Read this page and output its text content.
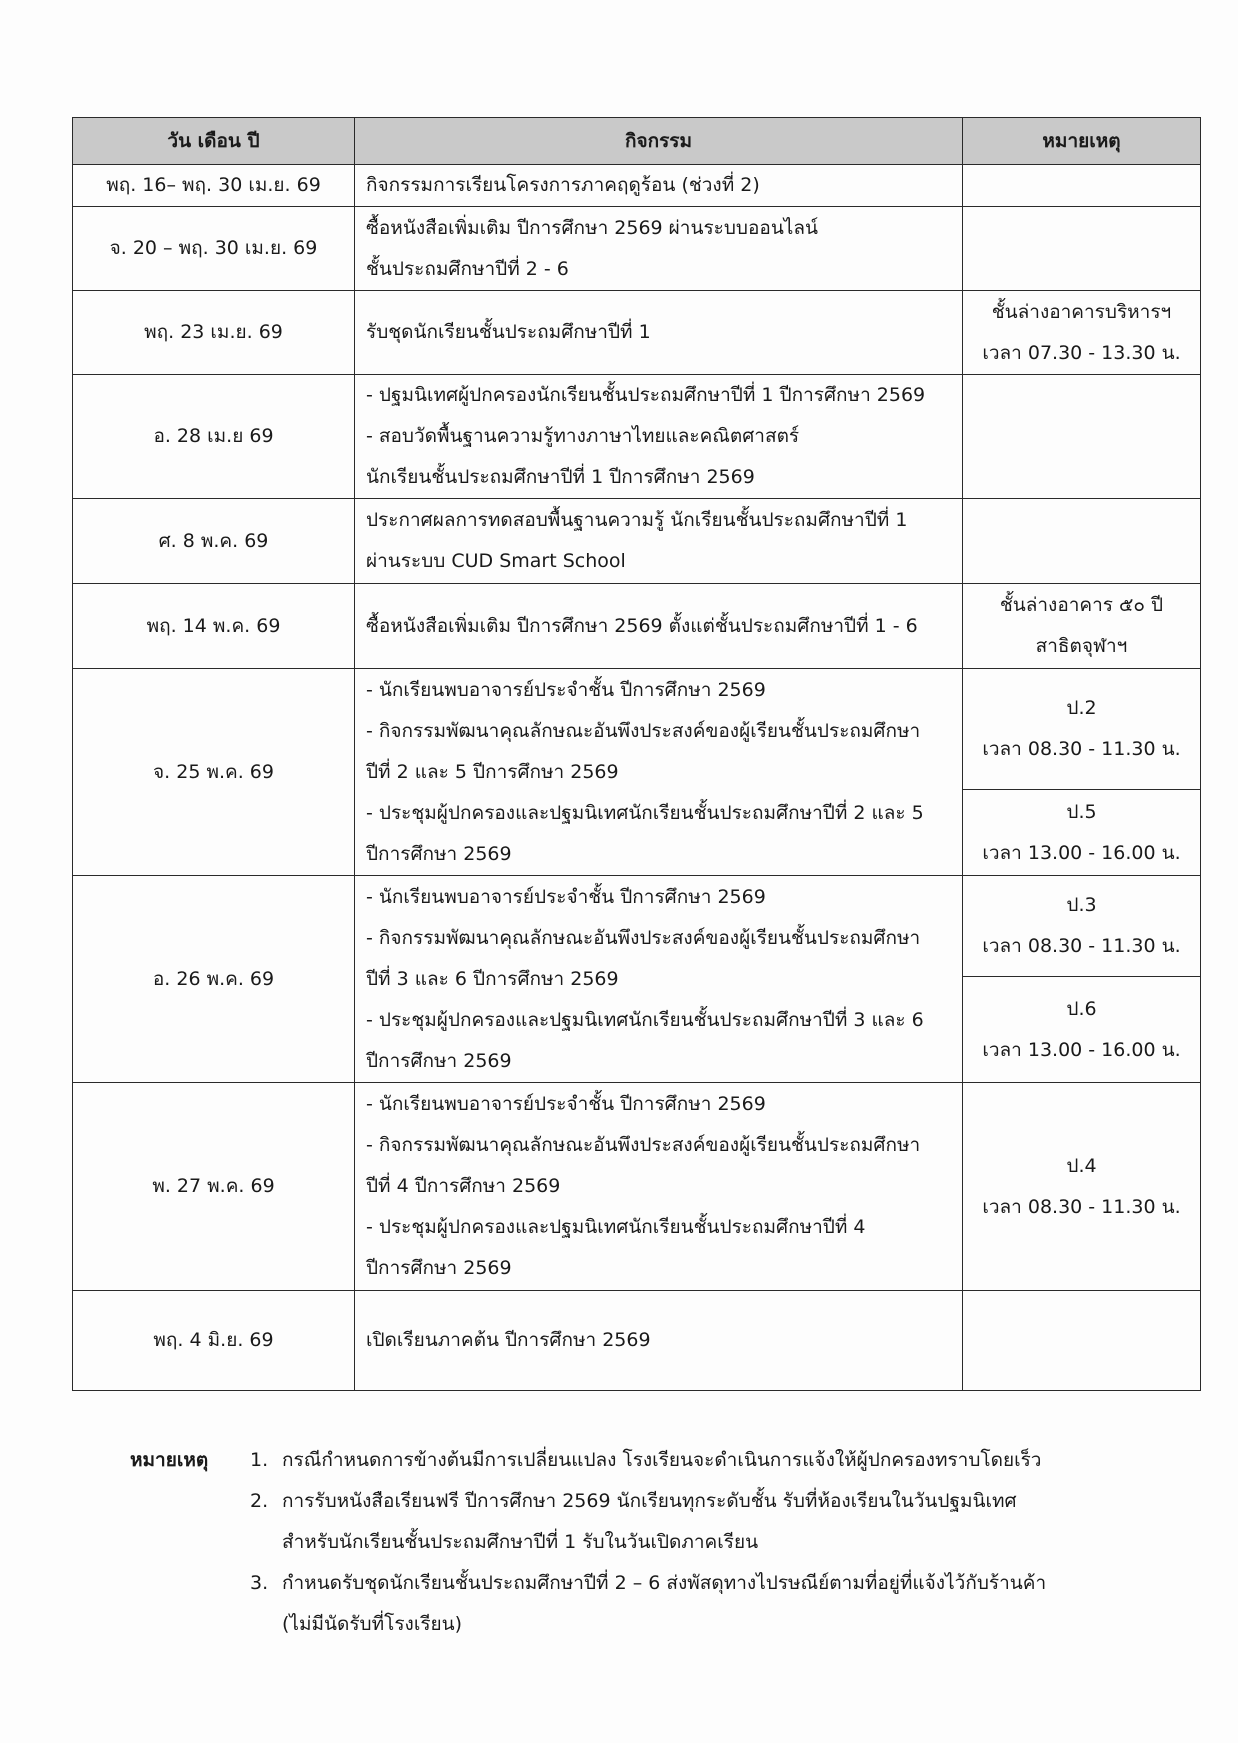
วัน เดือน ปี	กิจกรรม	หมายเหตุ
พฤ. 16– พฤ. 30 เม.ย. 69	กิจกรรมการเรียนโครงการภาคฤดูร้อน (ช่วงที่ 2)	

จ. 20 – พฤ. 30 เม.ย. 69	ซื้อหนังสือเพิ่มเติม ปีการศึกษา 2569 ผ่านระบบออนไลน์
ชั้นประถมศึกษาปีที่ 2 - 6	

พฤ. 23 เม.ย. 69	รับชุดนักเรียนชั้นประถมศึกษาปีที่ 1	ชั้นล่างอาคารบริหารฯ
เวลา 07.30 - 13.30 น.

อ. 28 เม.ย 69	- ปฐมนิเทศผู้ปกครองนักเรียนชั้นประถมศึกษาปีที่ 1 ปีการศึกษา 2569
- สอบวัดพื้นฐานความรู้ทางภาษาไทยและคณิตศาสตร์
นักเรียนชั้นประถมศึกษาปีที่ 1 ปีการศึกษา 2569	

ศ. 8 พ.ค. 69	ประกาศผลการทดสอบพื้นฐานความรู้ นักเรียนชั้นประถมศึกษาปีที่ 1
ผ่านระบบ CUD Smart School	

พฤ. 14 พ.ค. 69	ซื้อหนังสือเพิ่มเติม ปีการศึกษา 2569 ตั้งแต่ชั้นประถมศึกษาปีที่ 1 - 6	ชั้นล่างอาคาร ๕๐ ปี
สาธิตจุฬาฯ

จ. 25 พ.ค. 69	- นักเรียนพบอาจารย์ประจำชั้น ปีการศึกษา 2569
- กิจกรรมพัฒนาคุณลักษณะอันพึงประสงค์ของผู้เรียนชั้นประถมศึกษา
ปีที่ 2 และ 5 ปีการศึกษา 2569
- ประชุมผู้ปกครองและปฐมนิเทศนักเรียนชั้นประถมศึกษาปีที่ 2 และ 5
ปีการศึกษา 2569	ป.2
เวลา 08.30 - 11.30 น.

		ป.5
เวลา 13.00 - 16.00 น.

อ. 26 พ.ค. 69	- นักเรียนพบอาจารย์ประจำชั้น ปีการศึกษา 2569
- กิจกรรมพัฒนาคุณลักษณะอันพึงประสงค์ของผู้เรียนชั้นประถมศึกษา
ปีที่ 3 และ 6 ปีการศึกษา 2569
- ประชุมผู้ปกครองและปฐมนิเทศนักเรียนชั้นประถมศึกษาปีที่ 3 และ 6
ปีการศึกษา 2569	ป.3
เวลา 08.30 - 11.30 น.

		ป.6
เวลา 13.00 - 16.00 น.

พ. 27 พ.ค. 69	- นักเรียนพบอาจารย์ประจำชั้น ปีการศึกษา 2569
- กิจกรรมพัฒนาคุณลักษณะอันพึงประสงค์ของผู้เรียนชั้นประถมศึกษา
ปีที่ 4 ปีการศึกษา 2569
- ประชุมผู้ปกครองและปฐมนิเทศนักเรียนชั้นประถมศึกษาปีที่ 4
ปีการศึกษา 2569	ป.4
เวลา 08.30 - 11.30 น.

พฤ. 4 มิ.ย. 69	เปิดเรียนภาคต้น ปีการศึกษา 2569	

หมายเหตุ 1. กรณีกำหนดการข้างต้นมีการเปลี่ยนแปลง โรงเรียนจะดำเนินการแจ้งให้ผู้ปกครองทราบโดยเร็ว
2. การรับหนังสือเรียนฟรี ปีการศึกษา 2569 นักเรียนทุกระดับชั้น รับที่ห้องเรียนในวันปฐมนิเทศ
สำหรับนักเรียนชั้นประถมศึกษาปีที่ 1 รับในวันเปิดภาคเรียน
3. กำหนดรับชุดนักเรียนชั้นประถมศึกษาปีที่ 2 – 6 ส่งพัสดุทางไปรษณีย์ตามที่อยู่ที่แจ้งไว้กับร้านค้า
(ไม่มีนัดรับที่โรงเรียน)
